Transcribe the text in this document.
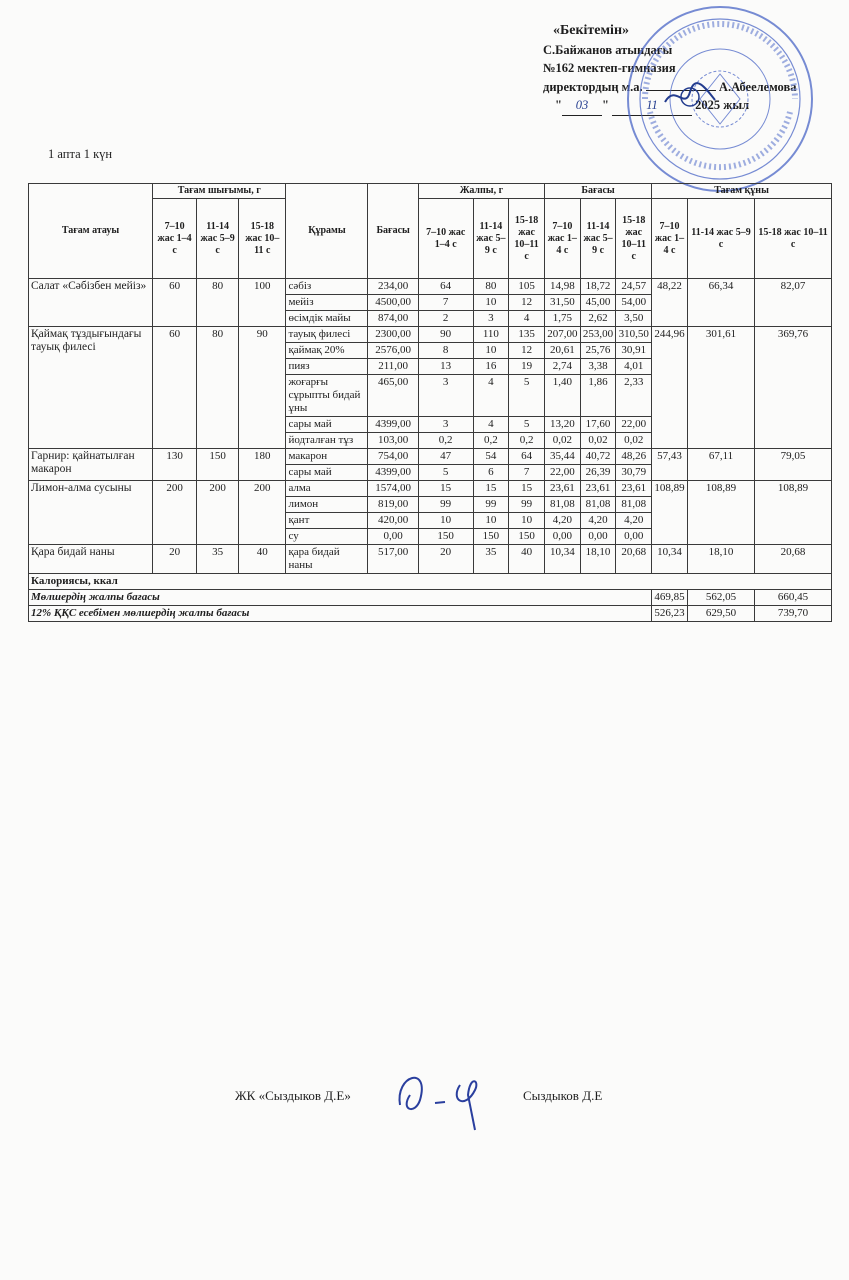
«Бекітемін»
С.Байжанов атындағы
№162 мектеп-гимназия
директордың м.а.	А.Абеелемова
" 03 "	11	2025 жыл
1 апта 1 күн
Тағам атауы	Тағам шығымы, г			Құрамы	Бағасы	Жалпы, г			Бағасы			Тағам құны		
	7–10 жас 1–4 с	11-14 жас 5–9 с	15-18 жас 10–11 с			7–10 жас 1–4 с	11-14 жас 5–9 с	15-18 жас 10–11 с	7–10 жас 1–4 с	11-14 жас 5–9 с	15-18 жас 10–11 с	7–10 жас 1–4 с	11-14 жас 5–9 с	15-18 жас 10–11 с
Салат «Сәбізбен мейіз»	60	80	100	сәбіз	234,00	64	80	105	14,98	18,72	24,57	48,22	66,34	82,07
				мейіз	4500,00	7	10	12	31,50	45,00	54,00			
				өсімдік майы	874,00	2	3	4	1,75	2,62	3,50			
Қаймақ тұздығындағы тауық филесі	60	80	90	тауық филесі	2300,00	90	110	135	207,00	253,00	310,50	244,96	301,61	369,76
				қаймақ 20%	2576,00	8	10	12	20,61	25,76	30,91			
				пияз	211,00	13	16	19	2,74	3,38	4,01			
				жоғарғы сұрыпты бидай ұны	465,00	3	4	5	1,40	1,86	2,33			
				сары май	4399,00	3	4	5	13,20	17,60	22,00			
				йодталған тұз	103,00	0,2	0,2	0,2	0,02	0,02	0,02			
Гарнир: қайнатылған макарон	130	150	180	макарон	754,00	47	54	64	35,44	40,72	48,26	57,43	67,11	79,05
				сары май	4399,00	5	6	7	22,00	26,39	30,79			
Лимон-алма сусыны	200	200	200	алма	1574,00	15	15	15	23,61	23,61	23,61	108,89	108,89	108,89
				лимон	819,00	99	99	99	81,08	81,08	81,08			
				қант	420,00	10	10	10	4,20	4,20	4,20			
				су	0,00	150	150	150	0,00	0,00	0,00			
Қара бидай наны	20	35	40	қара бидай наны	517,00	20	35	40	10,34	18,10	20,68	10,34	18,10	20,68
Калориясы, ккал														
Мөлшердің жалпы бағасы												469,85	562,05	660,45
12% ҚҚС есебімен мөлшердің жалпы бағасы												526,23	629,50	739,70
ЖК «Сыздыков Д.Е»	Сыздыков Д.Е
